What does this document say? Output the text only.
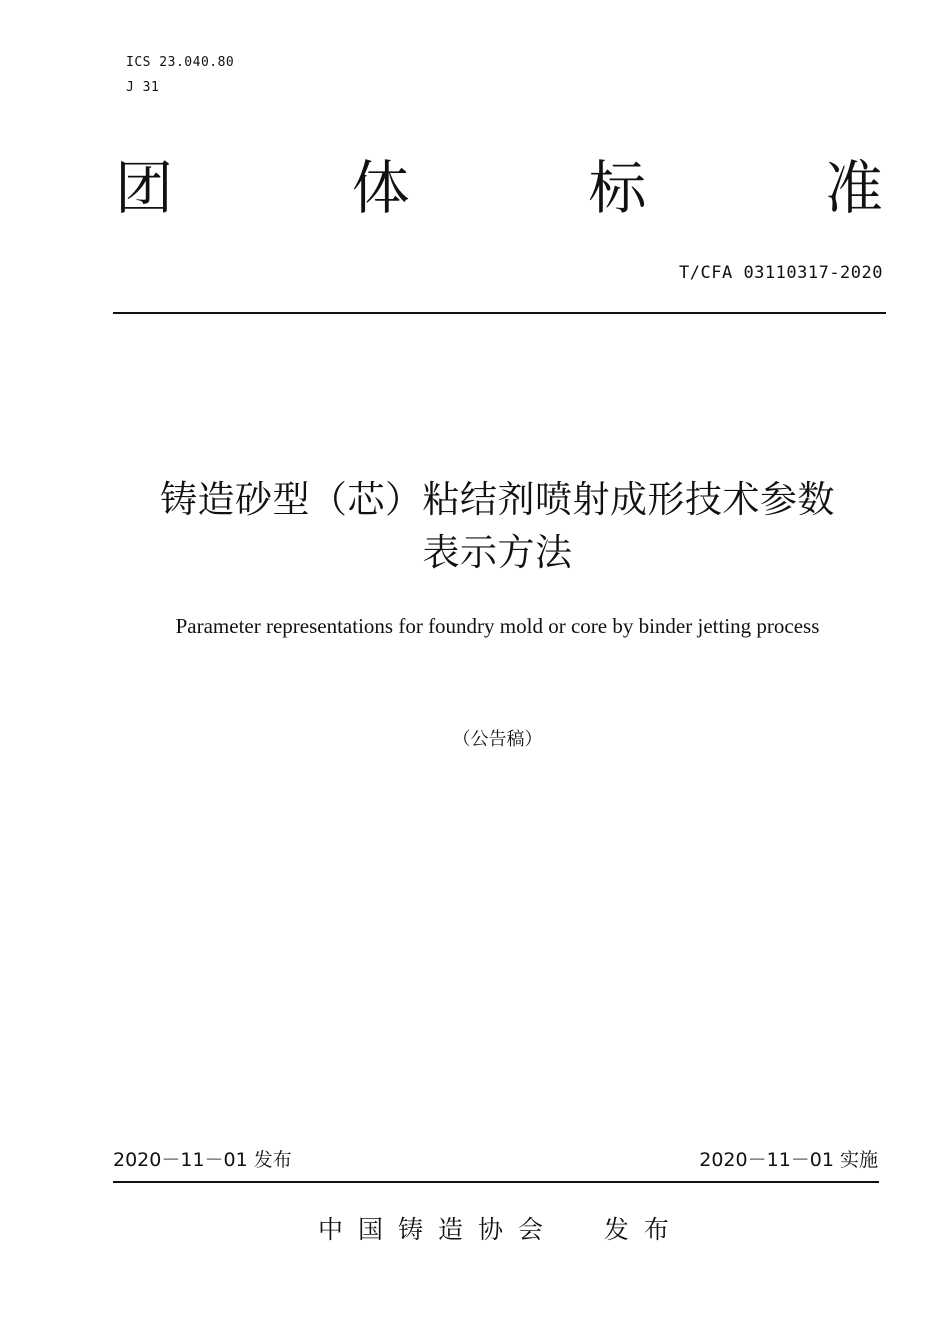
ICS 23.040.80
J 31
团	体	标	准
T/CFA 03110317-2020
铸造砂型（芯）粘结剂喷射成形技术参数
表示方法
Parameter representations for foundry mold or core by binder jetting process
（公告稿）
2020－11－01 发布	2020－11－01 实施
中国铸造协会  发布
